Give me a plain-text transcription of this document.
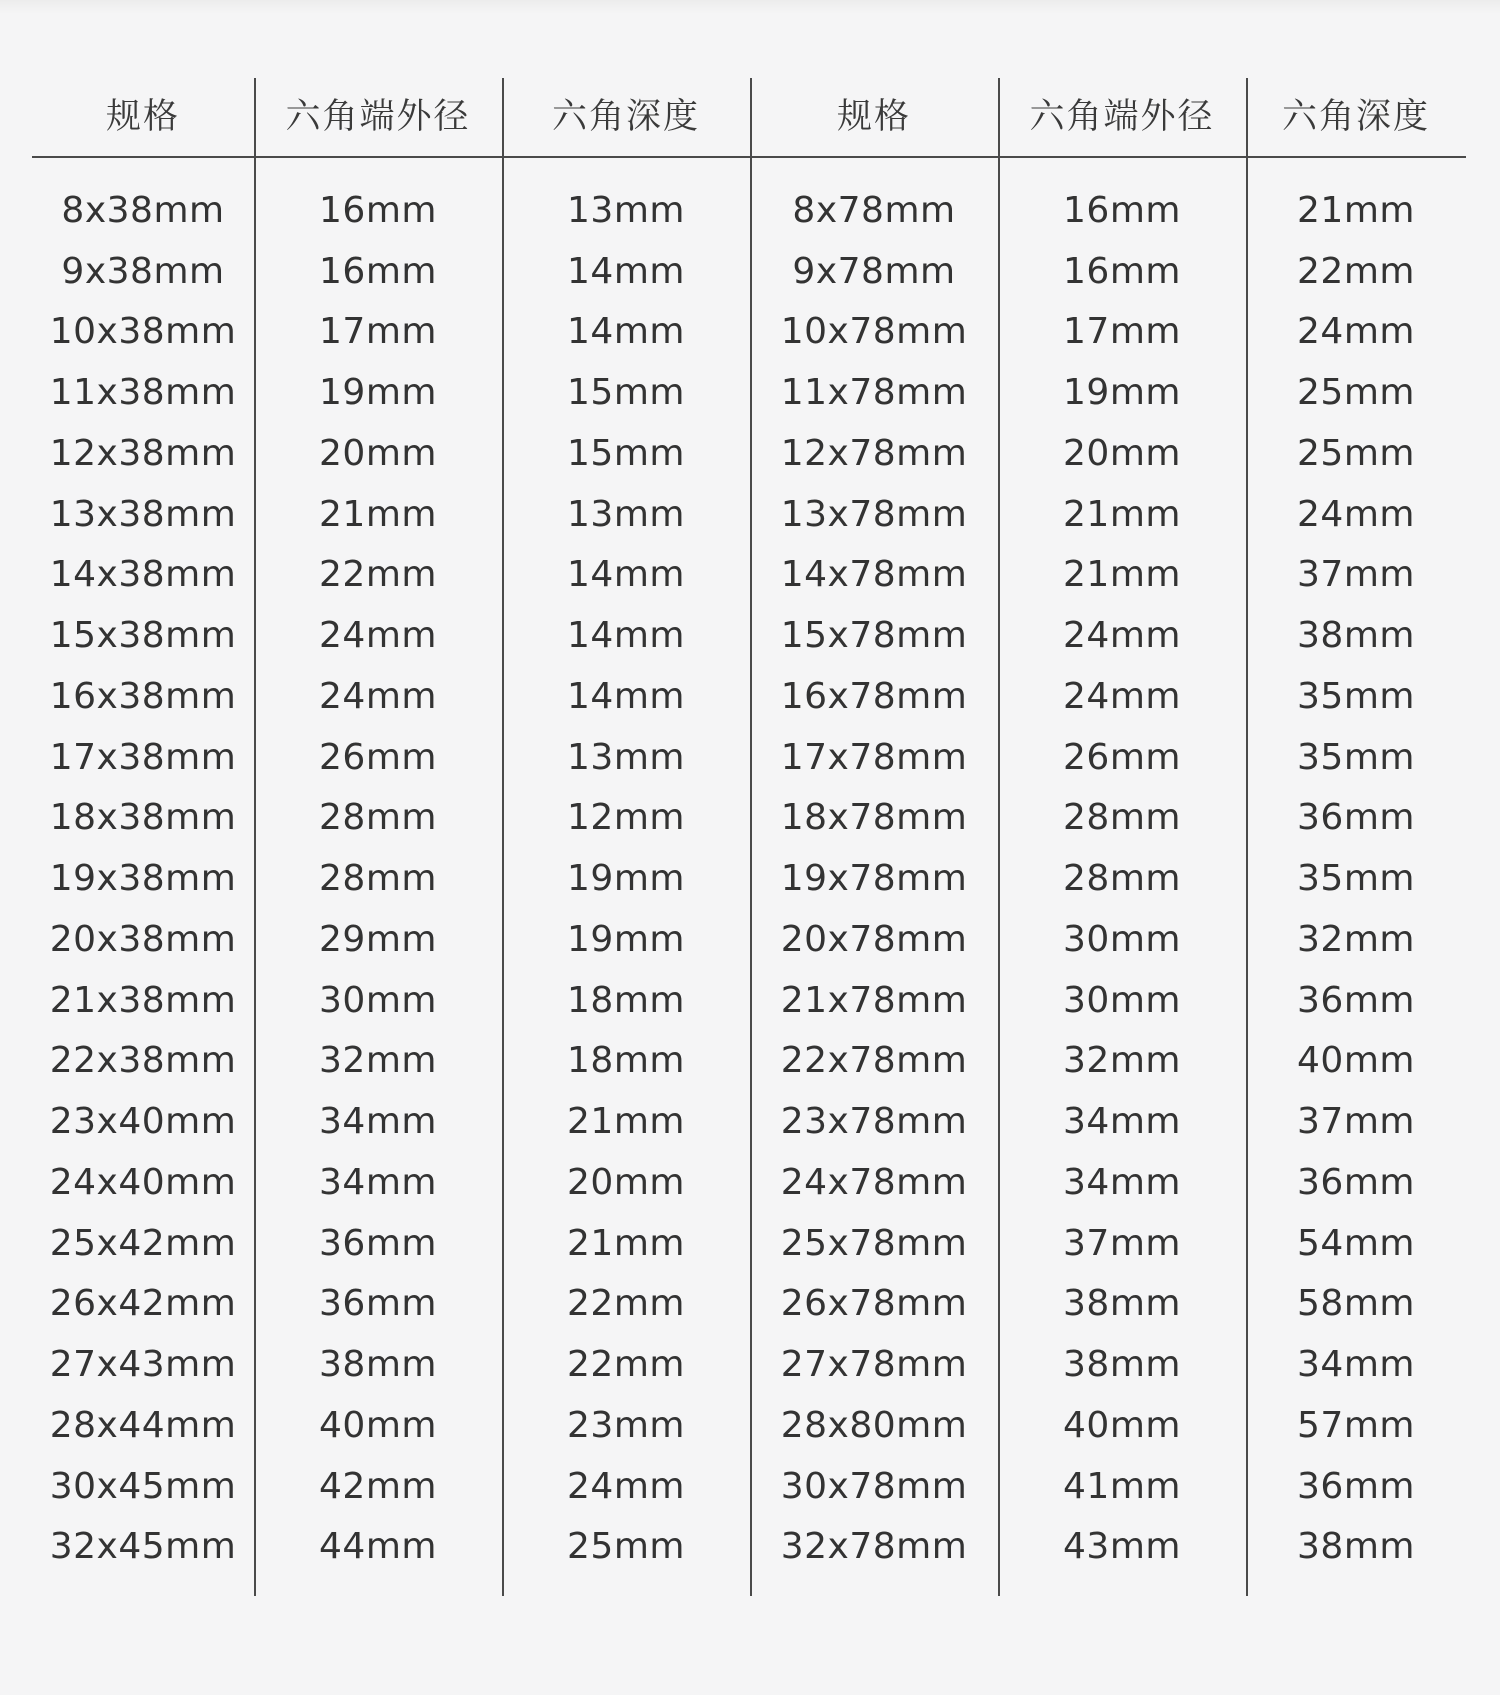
规格	六角端外径	六角深度	规格	六角端外径	六角深度
8x38mm	16mm	13mm	8x78mm	16mm	21mm
9x38mm	16mm	14mm	9x78mm	16mm	22mm
10x38mm	17mm	14mm	10x78mm	17mm	24mm
11x38mm	19mm	15mm	11x78mm	19mm	25mm
12x38mm	20mm	15mm	12x78mm	20mm	25mm
13x38mm	21mm	13mm	13x78mm	21mm	24mm
14x38mm	22mm	14mm	14x78mm	21mm	37mm
15x38mm	24mm	14mm	15x78mm	24mm	38mm
16x38mm	24mm	14mm	16x78mm	24mm	35mm
17x38mm	26mm	13mm	17x78mm	26mm	35mm
18x38mm	28mm	12mm	18x78mm	28mm	36mm
19x38mm	28mm	19mm	19x78mm	28mm	35mm
20x38mm	29mm	19mm	20x78mm	30mm	32mm
21x38mm	30mm	18mm	21x78mm	30mm	36mm
22x38mm	32mm	18mm	22x78mm	32mm	40mm
23x40mm	34mm	21mm	23x78mm	34mm	37mm
24x40mm	34mm	20mm	24x78mm	34mm	36mm
25x42mm	36mm	21mm	25x78mm	37mm	54mm
26x42mm	36mm	22mm	26x78mm	38mm	58mm
27x43mm	38mm	22mm	27x78mm	38mm	34mm
28x44mm	40mm	23mm	28x80mm	40mm	57mm
30x45mm	42mm	24mm	30x78mm	41mm	36mm
32x45mm	44mm	25mm	32x78mm	43mm	38mm
